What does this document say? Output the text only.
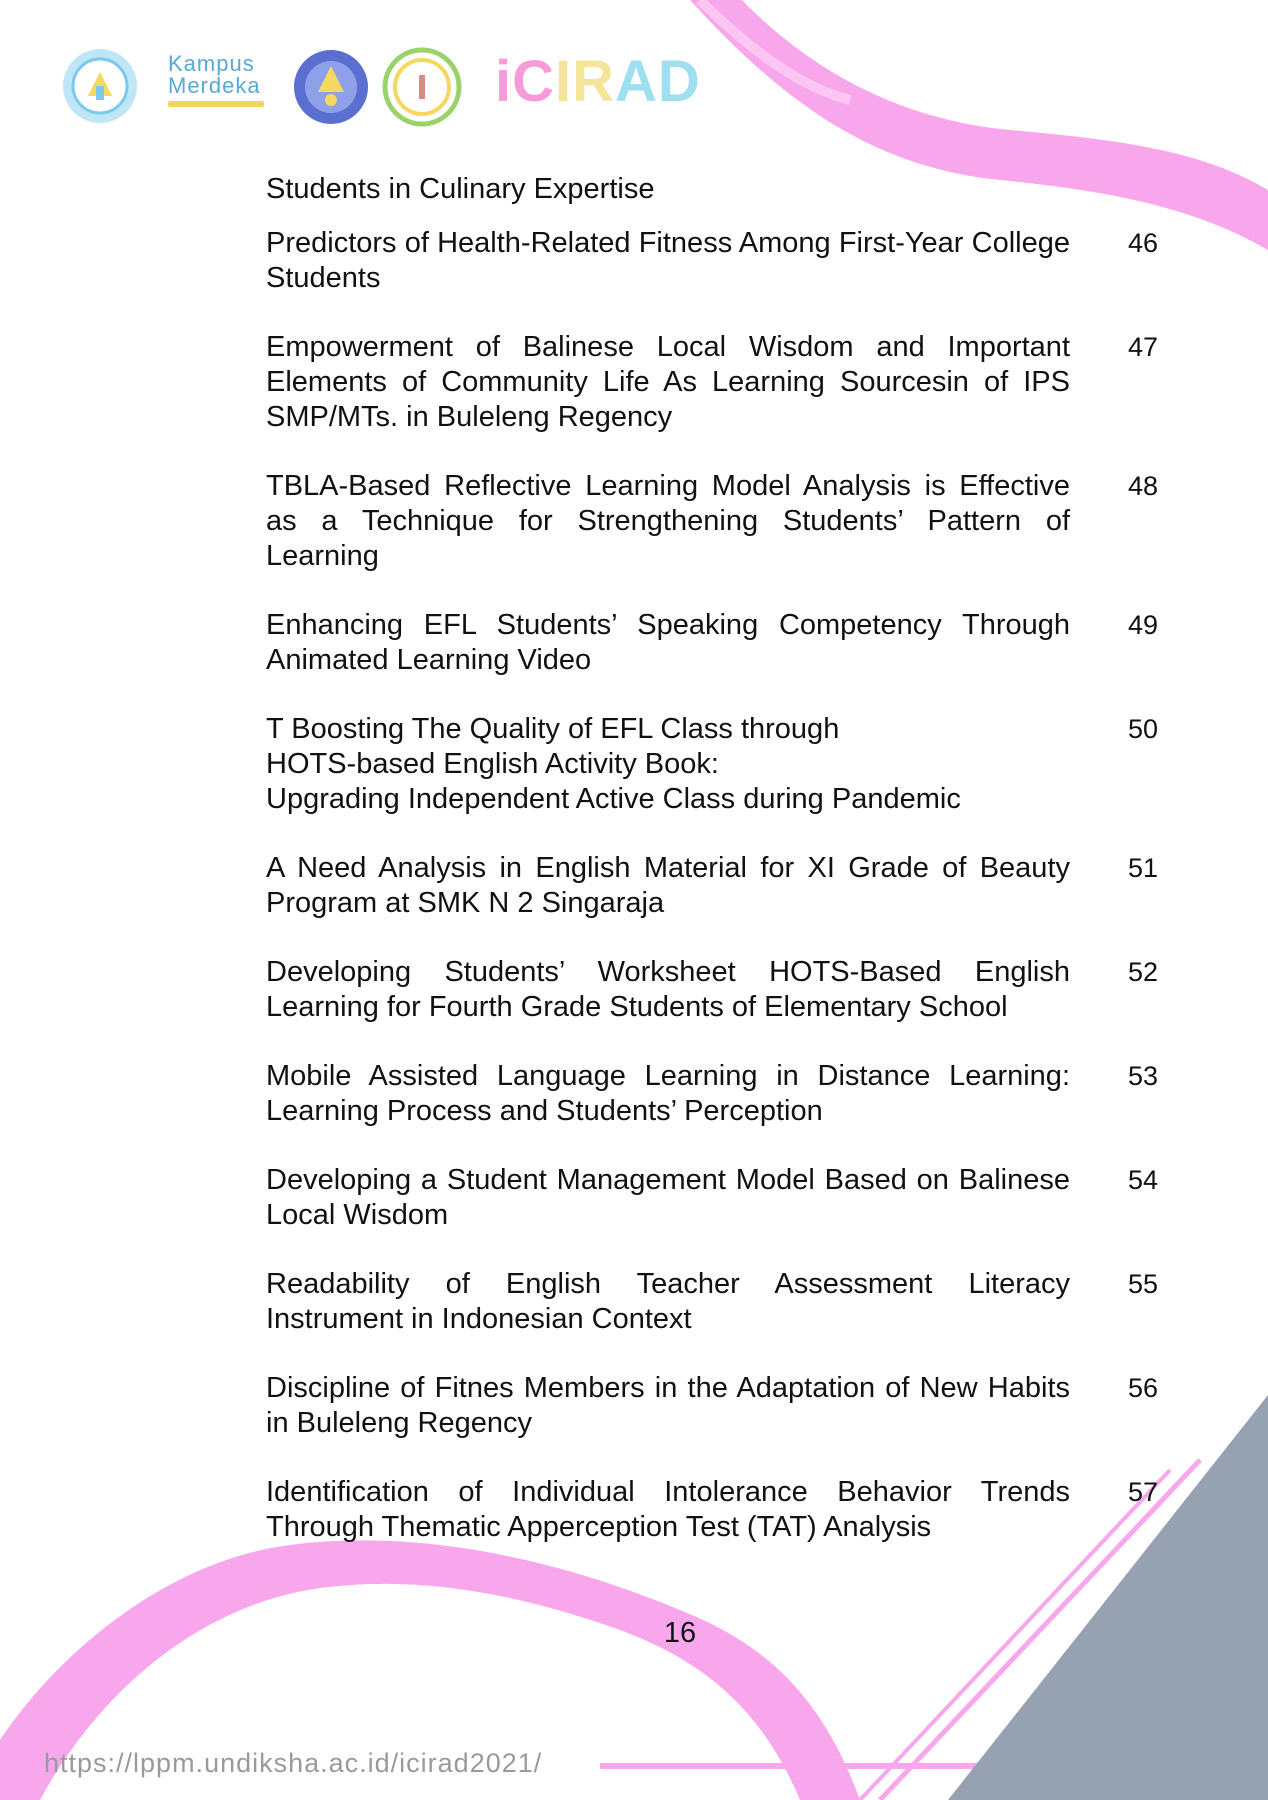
Kampus
Merdeka	iCIRAD
Students in Culinary Expertise
Predictors of Health-Related Fitness Among First-Year College Students
46
Empowerment of Balinese Local Wisdom and Important Elements of Community Life As Learning Sourcesin of IPS SMP/MTs. in Buleleng Regency
47
TBLA-Based Reflective Learning Model Analysis is Effective as a Technique for Strengthening Students’ Pattern of Learning
48
Enhancing EFL Students’ Speaking Competency Through Animated Learning Video
49
T Boosting The Quality of EFL Class through
HOTS-based English Activity Book:
Upgrading Independent Active Class during Pandemic
50
A Need Analysis in English Material for XI Grade of Beauty Program at SMK N 2 Singaraja
51
Developing Students’ Worksheet HOTS-Based English Learning for Fourth Grade Students of Elementary School
52
Mobile Assisted Language Learning in Distance Learning: Learning Process and Students’ Perception
53
Developing a Student Management Model Based on Balinese Local Wisdom
54
Readability of English Teacher Assessment Literacy Instrument in Indonesian Context
55
Discipline of Fitnes Members in the Adaptation of New Habits in Buleleng Regency
56
Identification of Individual Intolerance Behavior Trends Through Thematic Apperception Test (TAT) Analysis
57
16
https://lppm.undiksha.ac.id/icirad2021/
